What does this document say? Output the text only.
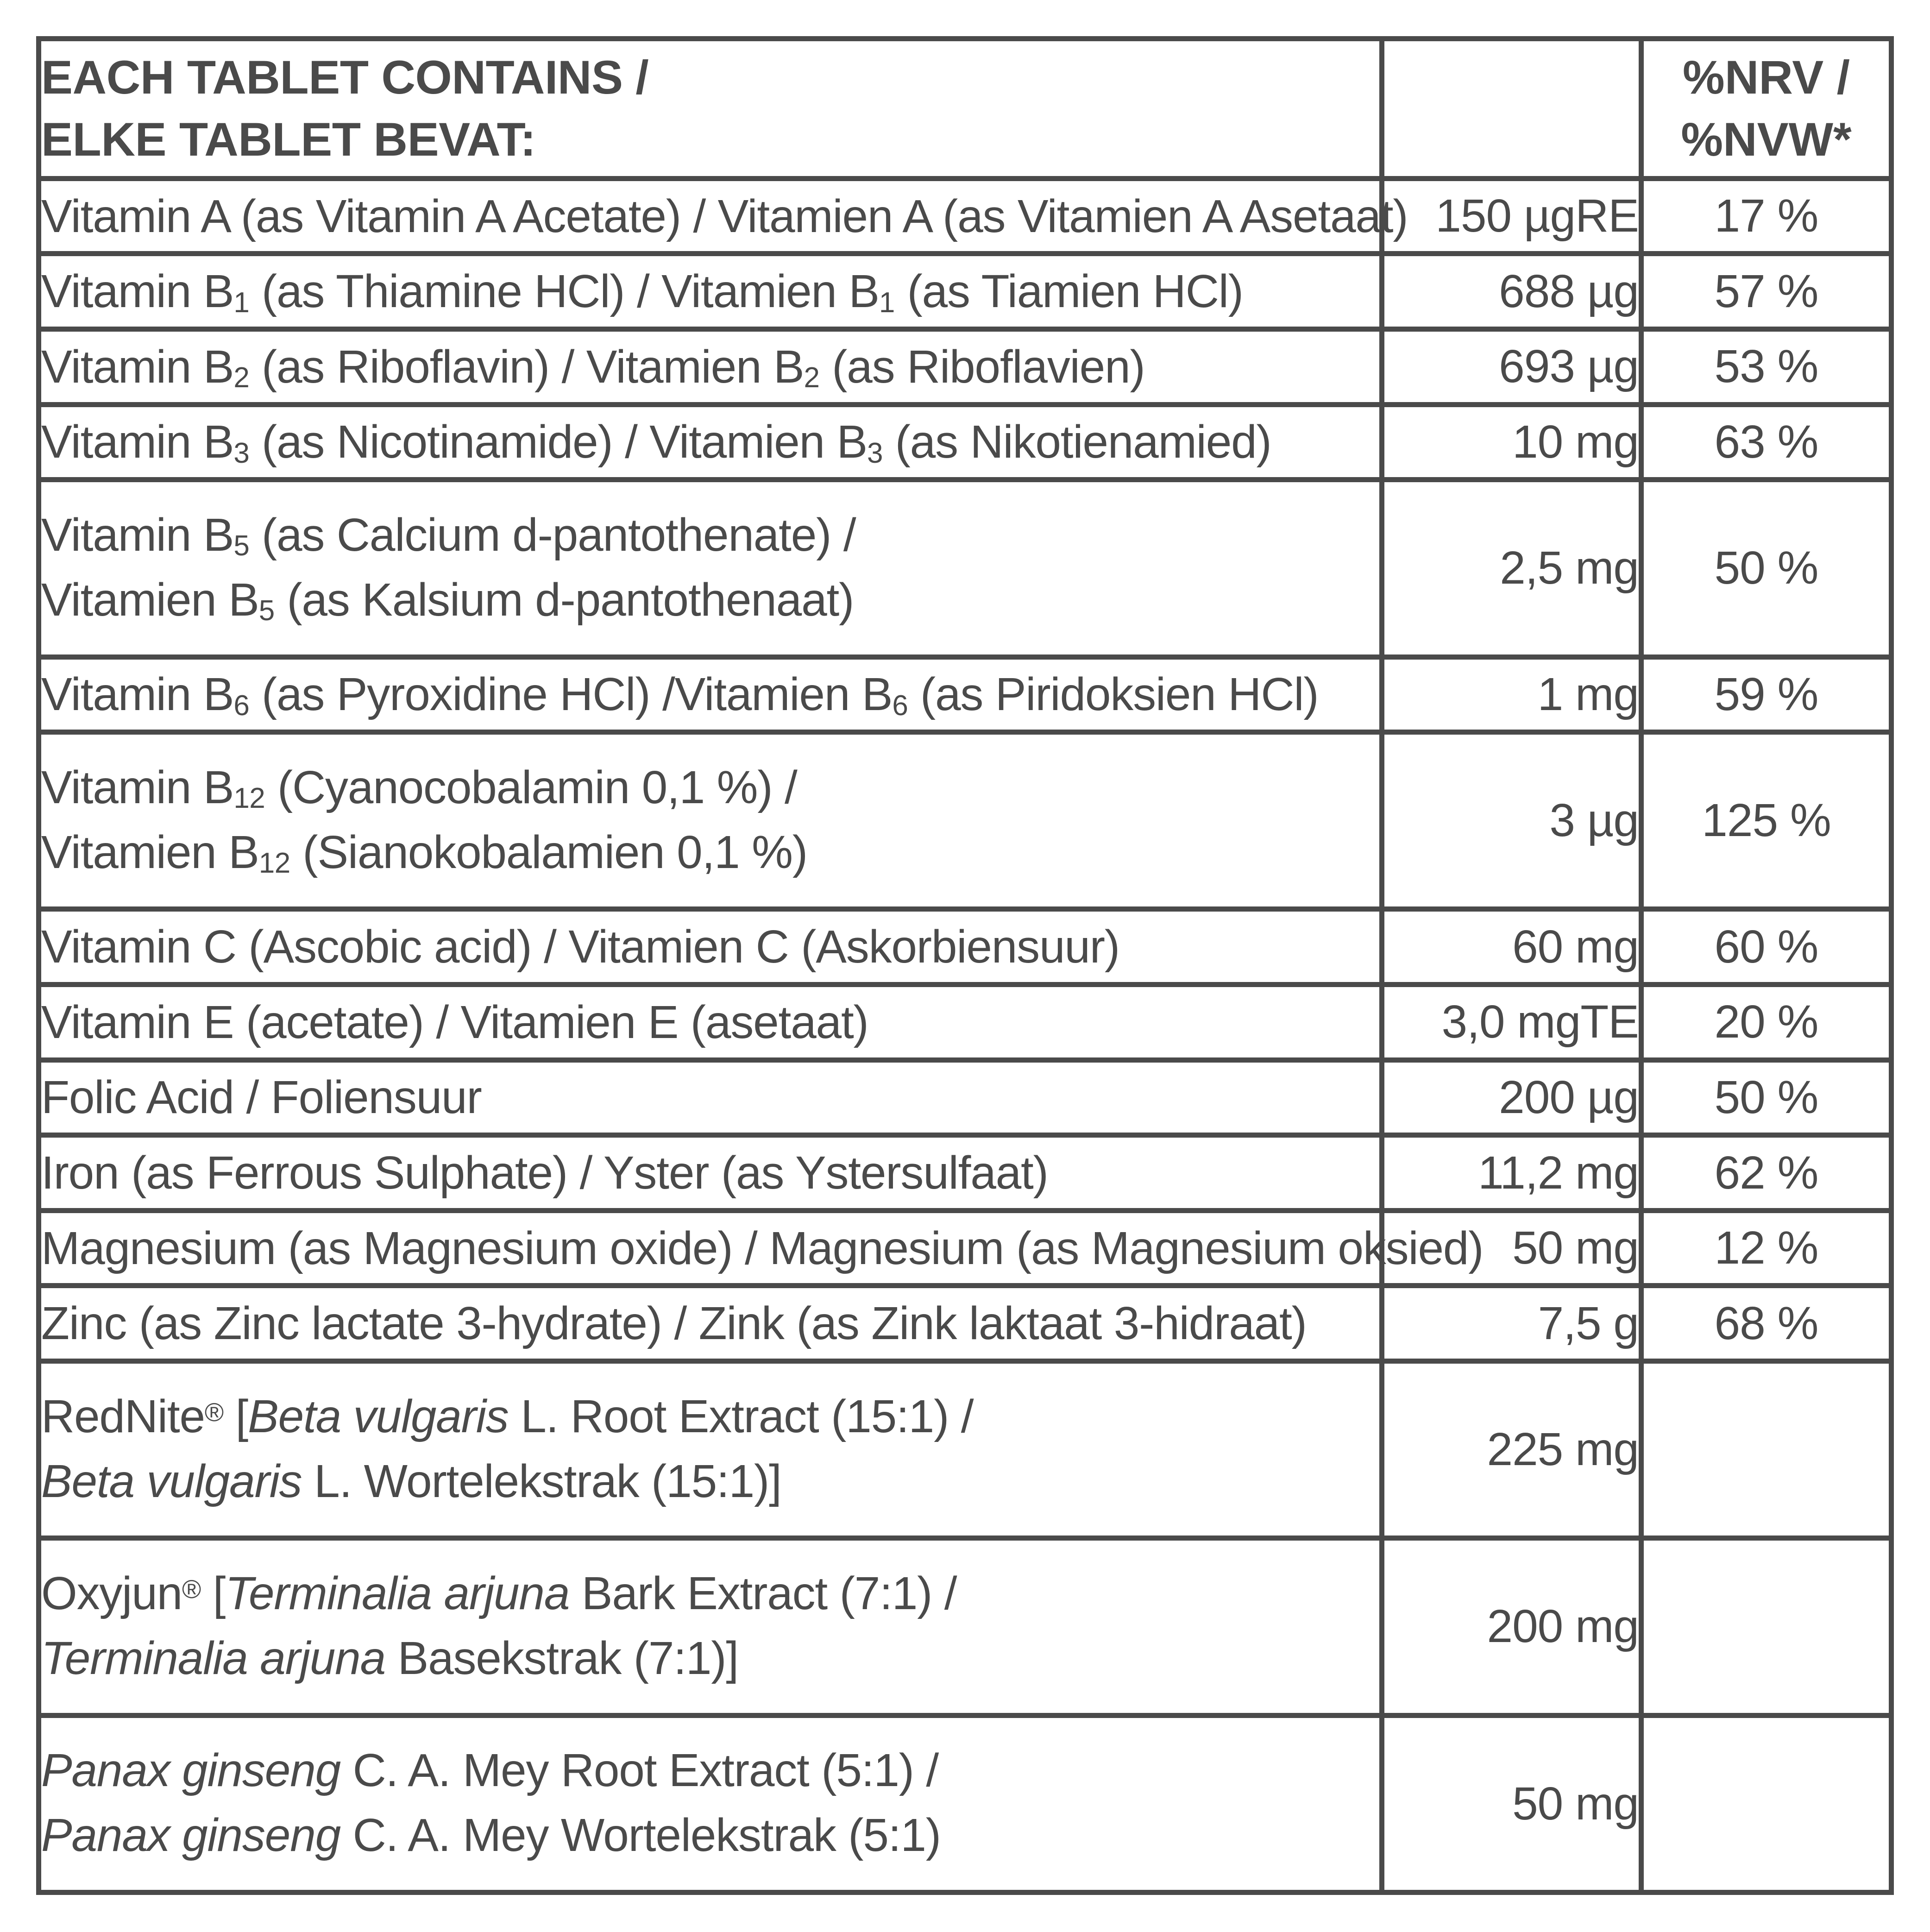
EACH TABLET CONTAINS /
ELKE TABLET BEVAT:		%NRV /
%NVW*

Vitamin A (as Vitamin A Acetate) / Vitamien A (as Vitamien A Asetaat)	150 µgRE	17 %

Vitamin $B_1$ (as Thiamine HCl) / Vitamien $B_1$ (as Tiamien HCl)	688 µg	57 %

Vitamin $B_2$ (as Riboflavin) / Vitamien $B_2$ (as Riboflavien)	693 µg	53 %

Vitamin $B_3$ (as Nicotinamide) / Vitamien $B_3$ (as Nikotienamied)	10 mg	63 %

Vitamin $B_5$ (as Calcium d-pantothenate) /
Vitamien $B_5$ (as Kalsium d-pantothenaat)	2,5 mg	50 %

Vitamin $B_6$ (as Pyroxidine HCl) /Vitamien $B_6$ (as Piridoksien HCl)	1 mg	59 %

Vitamin $B_{12}$ (Cyanocobalamin 0,1 %) /
Vitamien $B_{12}$ (Sianokobalamien 0,1 %)	3 µg	125 %

Vitamin C (Ascobic acid) / Vitamien C (Askorbiensuur)	60 mg	60 %

Vitamin E (acetate) / Vitamien E (asetaat)	3,0 mgTE	20 %

Folic Acid / Foliensuur	200 µg	50 %

Iron (as Ferrous Sulphate) / Yster (as Ystersulfaat)	11,2 mg	62 %

Magnesium (as Magnesium oxide) / Magnesium (as Magnesium oksied)	50 mg	12 %

Zinc (as Zinc lactate 3-hydrate) / Zink (as Zink laktaat 3-hidraat)	7,5 g	68 %

RedNite® [Beta vulgaris L. Root Extract (15:1) /
Beta vulgaris L. Wortelekstrak (15:1)]	225 mg	

Oxyjun® [Terminalia arjuna Bark Extract (7:1) /
Terminalia arjuna Basekstrak (7:1)]	200 mg	

Panax ginseng C. A. Mey Root Extract (5:1) /
Panax ginseng C. A. Mey Wortelekstrak (5:1)	50 mg	
